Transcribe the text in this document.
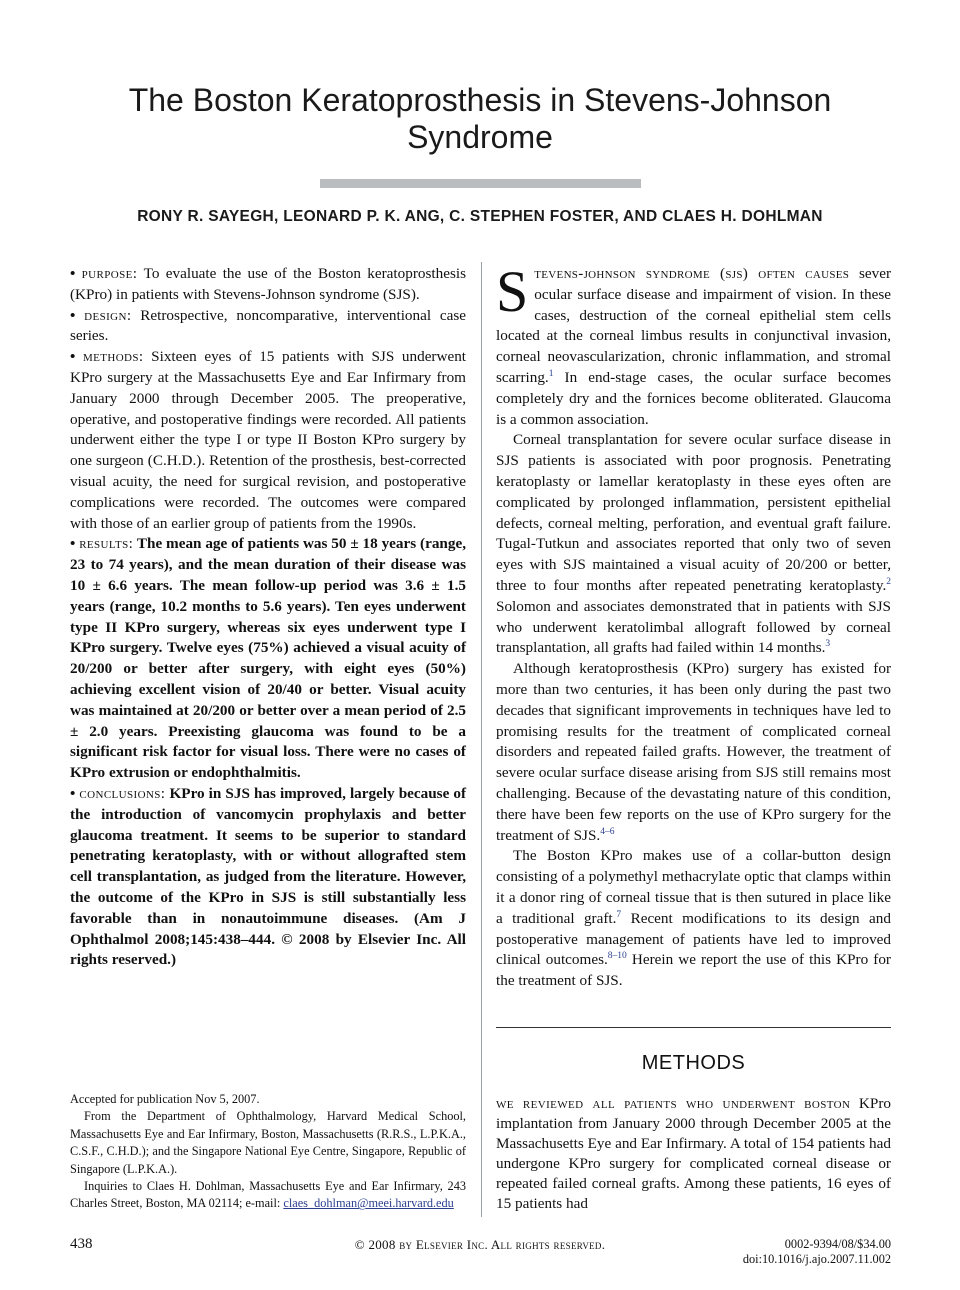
The Boston Keratoprosthesis in Stevens-Johnson Syndrome
RONY R. SAYEGH, LEONARD P. K. ANG, C. STEPHEN FOSTER, AND CLAES H. DOHLMAN

• purpose: To evaluate the use of the Boston keratoprosthesis (KPro) in patients with Stevens-Johnson syndrome (SJS).

• design: Retrospective, noncomparative, interventional case series.

• methods: Sixteen eyes of 15 patients with SJS underwent KPro surgery at the Massachusetts Eye and Ear Infirmary from January 2000 through December 2005. The preoperative, operative, and postoperative findings were recorded. All patients underwent either the type I or type II Boston KPro surgery by one surgeon (C.H.D.). Retention of the prosthesis, best-corrected visual acuity, the need for surgical revision, and postoperative complications were recorded. The outcomes were compared with those of an earlier group of patients from the 1990s.

• results: The mean age of patients was 50 ± 18 years (range, 23 to 74 years), and the mean duration of their disease was 10 ± 6.6 years. The mean follow-up period was 3.6 ± 1.5 years (range, 10.2 months to 5.6 years). Ten eyes underwent type II KPro surgery, whereas six eyes underwent type I KPro surgery. Twelve eyes (75%) achieved a visual acuity of 20/200 or better after surgery, with eight eyes (50%) achieving excellent vision of 20/40 or better. Visual acuity was maintained at 20/200 or better over a mean period of 2.5 ± 2.0 years. Preexisting glaucoma was found to be a significant risk factor for visual loss. There were no cases of KPro extrusion or endophthalmitis.

• conclusions: KPro in SJS has improved, largely because of the introduction of vancomycin prophylaxis and better glaucoma treatment. It seems to be superior to standard penetrating keratoplasty, with or without allografted stem cell transplantation, as judged from the literature. However, the outcome of the KPro in SJS is still substantially less favorable than in nonautoimmune diseases. (Am J Ophthalmol 2008;145:438–444. © 2008 by Elsevier Inc. All rights reserved.)

Stevens-johnson syndrome (sjs) often causes sever ocular surface disease and impairment of vision. In these cases, destruction of the corneal epithelial stem cells located at the corneal limbus results in conjunctival invasion, corneal neovascularization, chronic inflammation, and stromal scarring.$^1$ In end-stage cases, the ocular surface becomes completely dry and the fornices become obliterated. Glaucoma is a common association.

Corneal transplantation for severe ocular surface disease in SJS patients is associated with poor prognosis. Penetrating keratoplasty or lamellar keratoplasty in these eyes often are complicated by prolonged inflammation, persistent epithelial defects, corneal melting, perforation, and eventual graft failure. Tugal-Tutkun and associates reported that only two of seven eyes with SJS maintained a visual acuity of 20/200 or better, three to four months after repeated penetrating keratoplasty.$^2$ Solomon and associates demonstrated that in patients with SJS who underwent keratolimbal allograft followed by corneal transplantation, all grafts had failed within 14 months.$^3$

Although keratoprosthesis (KPro) surgery has existed for more than two centuries, it has been only during the past two decades that significant improvements in techniques have led to promising results for the treatment of complicated corneal disorders and repeated failed grafts. However, the treatment of severe ocular surface disease arising from SJS still remains most challenging. Because of the devastating nature of this condition, there have been few reports on the use of KPro surgery for the treatment of SJS.$^{4-6}$

The Boston KPro makes use of a collar-button design consisting of a polymethyl methacrylate optic that clamps within it a donor ring of corneal tissue that is then sutured in place like a traditional graft.$^7$ Recent modifications to its design and postoperative management of patients have led to improved clinical outcomes.$^{8-10}$ Herein we report the use of this KPro for the treatment of SJS.

METHODS
we reviewed all patients who underwent boston KPro implantation from January 2000 through December 2005 at the Massachusetts Eye and Ear Infirmary. A total of 154 patients had undergone KPro surgery for complicated corneal disease or repeated failed corneal grafts. Among these patients, 16 eyes of 15 patients had

Accepted for publication Nov 5, 2007.

From the Department of Ophthalmology, Harvard Medical School, Massachusetts Eye and Ear Infirmary, Boston, Massachusetts (R.R.S., L.P.K.A., C.S.F., C.H.D.); and the Singapore National Eye Centre, Singapore, Republic of Singapore (L.P.K.A.).

Inquiries to Claes H. Dohlman, Massachusetts Eye and Ear Infirmary, 243 Charles Street, Boston, MA 02114; e-mail: claes_dohlman@meei.harvard.edu

438	© 2008 by Elsevier Inc. All rights reserved.	0002-9394/08/$34.00
doi:10.1016/j.ajo.2007.11.002
